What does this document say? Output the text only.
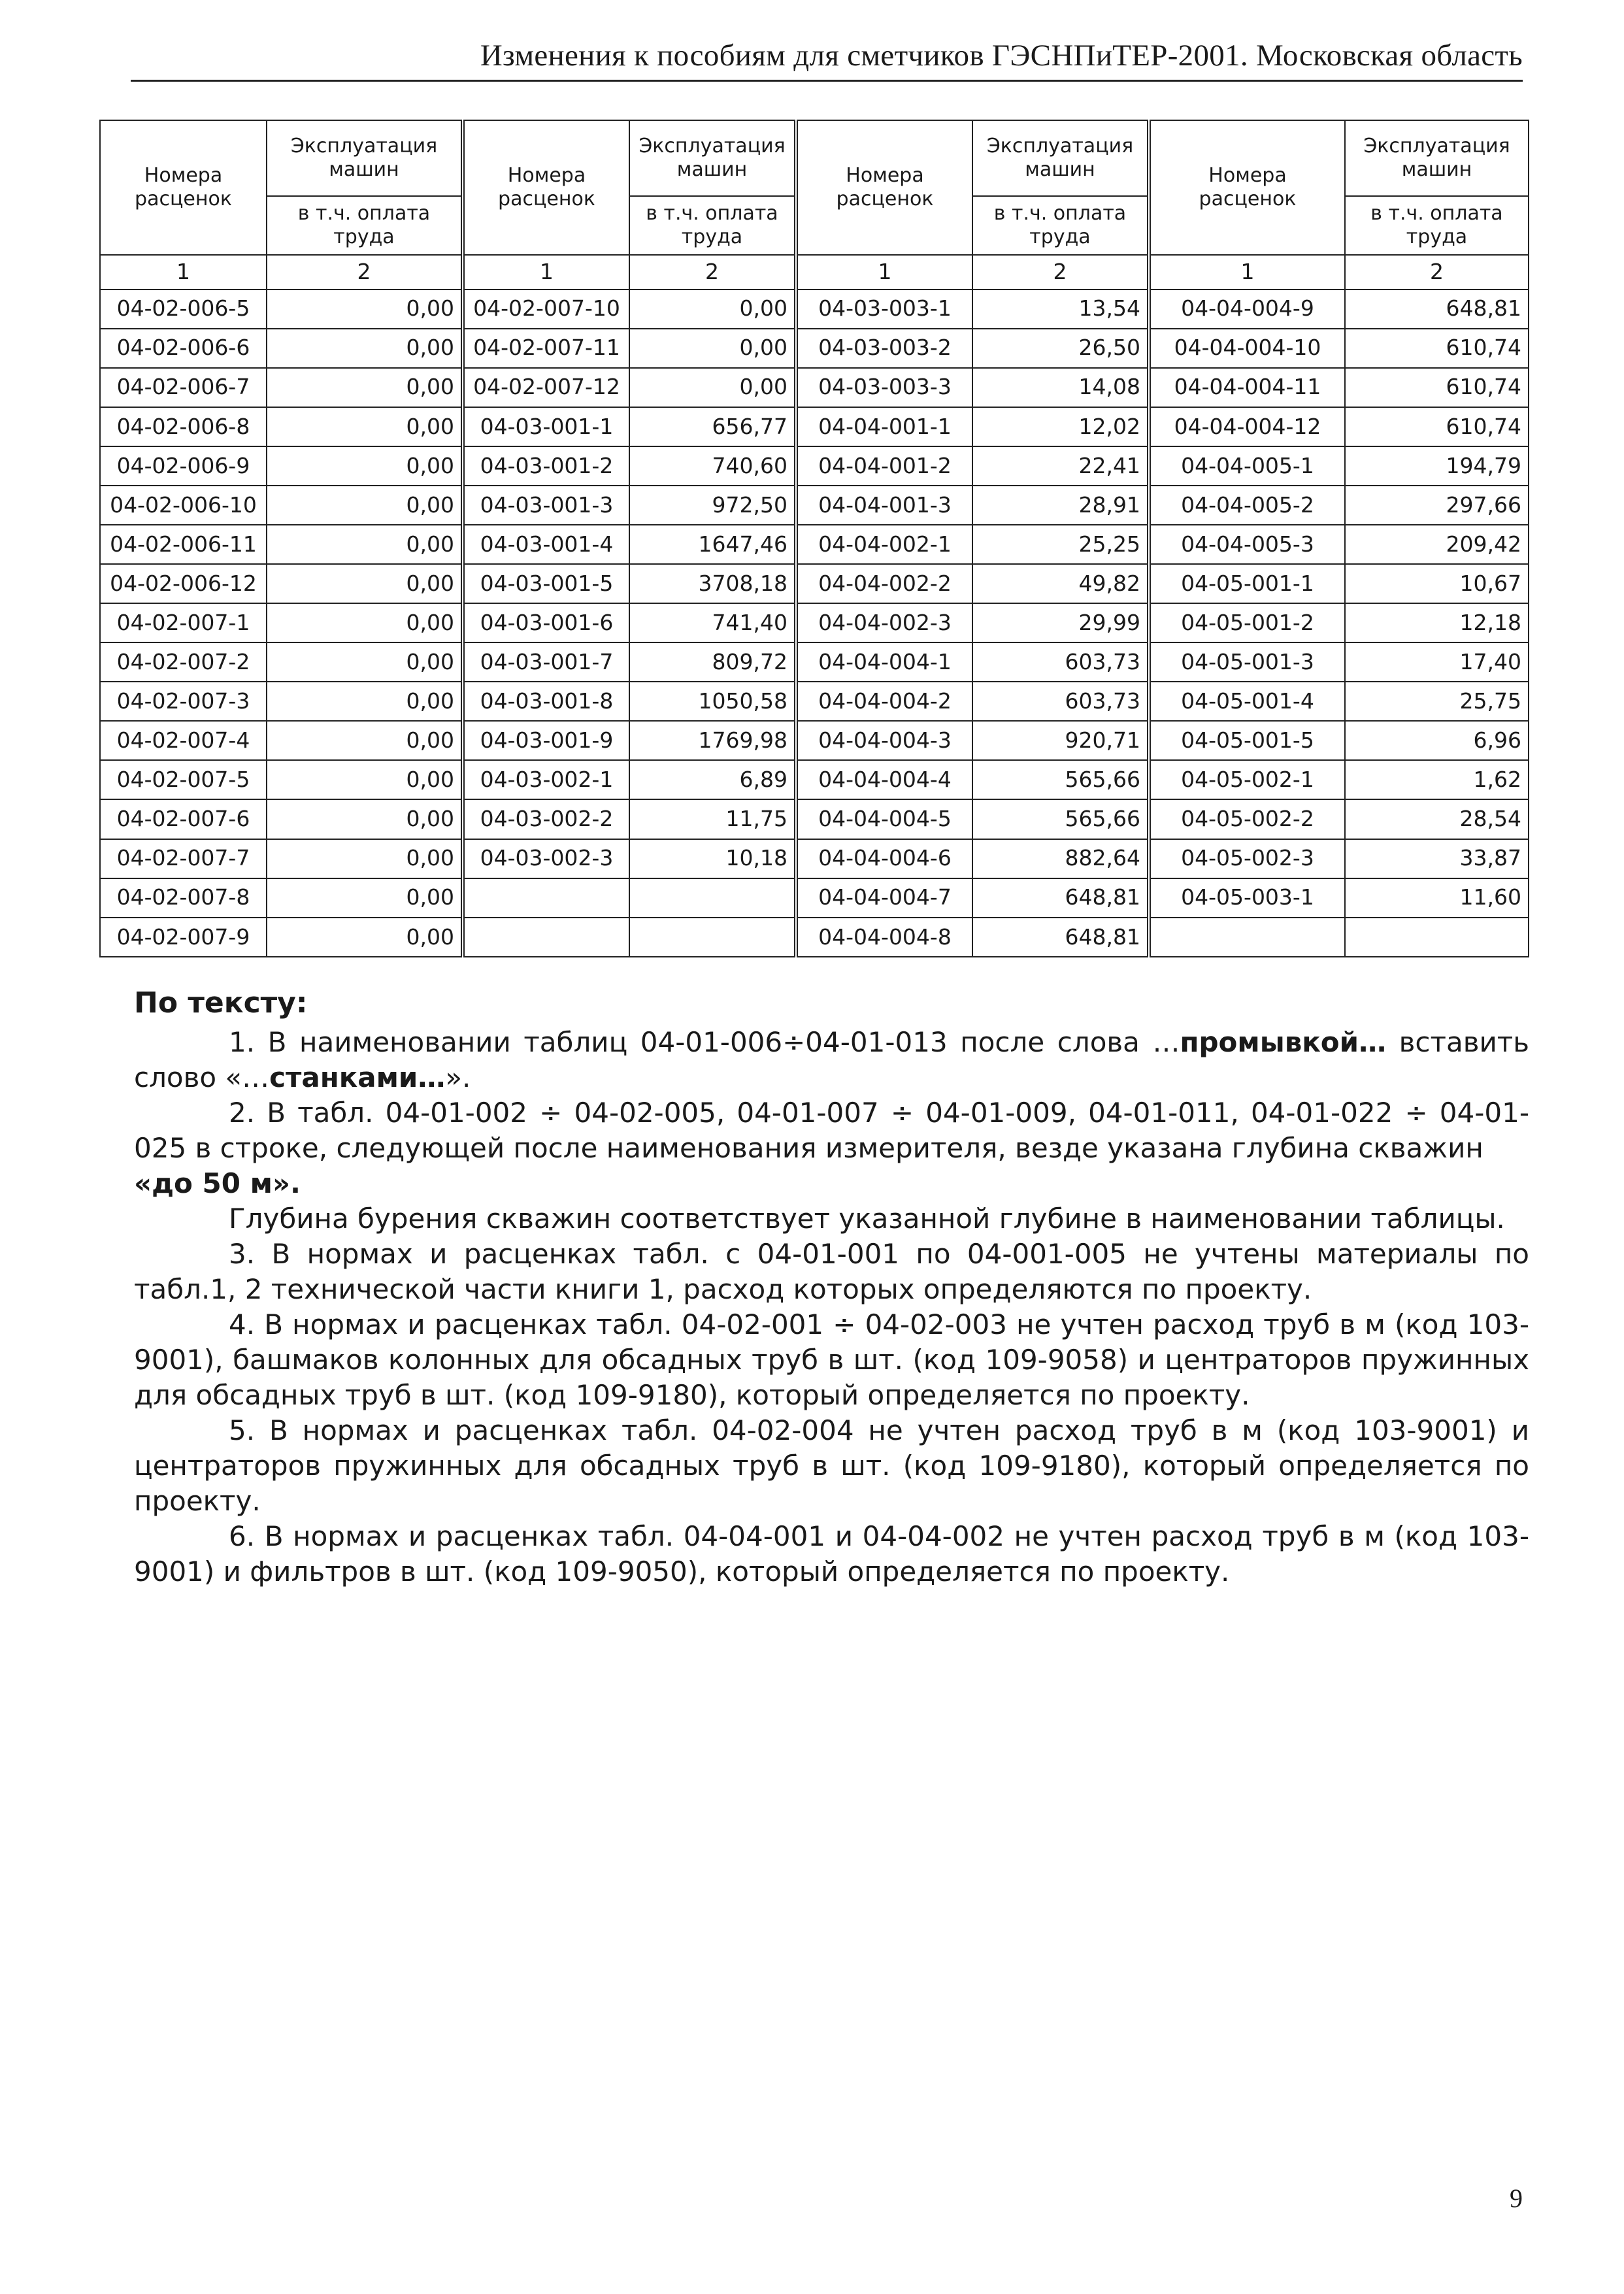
Изменения к пособиям для сметчиков ГЭСНПиТЕР-2001. Московская область
Номера расценок	Эксплуатация машин	Номера расценок	Эксплуатация машин	Номера расценок	Эксплуатация машин	Номера расценок	Эксплуатация машин
	в т.ч. оплата труда		в т.ч. оплата труда		в т.ч. оплата труда		в т.ч. оплата труда
1	2	1	2	1	2	1	2
04-02-006-5	0,00	04-02-007-10	0,00	04-03-003-1	13,54	04-04-004-9	648,81
04-02-006-6	0,00	04-02-007-11	0,00	04-03-003-2	26,50	04-04-004-10	610,74
04-02-006-7	0,00	04-02-007-12	0,00	04-03-003-3	14,08	04-04-004-11	610,74
04-02-006-8	0,00	04-03-001-1	656,77	04-04-001-1	12,02	04-04-004-12	610,74
04-02-006-9	0,00	04-03-001-2	740,60	04-04-001-2	22,41	04-04-005-1	194,79
04-02-006-10	0,00	04-03-001-3	972,50	04-04-001-3	28,91	04-04-005-2	297,66
04-02-006-11	0,00	04-03-001-4	1647,46	04-04-002-1	25,25	04-04-005-3	209,42
04-02-006-12	0,00	04-03-001-5	3708,18	04-04-002-2	49,82	04-05-001-1	10,67
04-02-007-1	0,00	04-03-001-6	741,40	04-04-002-3	29,99	04-05-001-2	12,18
04-02-007-2	0,00	04-03-001-7	809,72	04-04-004-1	603,73	04-05-001-3	17,40
04-02-007-3	0,00	04-03-001-8	1050,58	04-04-004-2	603,73	04-05-001-4	25,75
04-02-007-4	0,00	04-03-001-9	1769,98	04-04-004-3	920,71	04-05-001-5	6,96
04-02-007-5	0,00	04-03-002-1	6,89	04-04-004-4	565,66	04-05-002-1	1,62
04-02-007-6	0,00	04-03-002-2	11,75	04-04-004-5	565,66	04-05-002-2	28,54
04-02-007-7	0,00	04-03-002-3	10,18	04-04-004-6	882,64	04-05-002-3	33,87
04-02-007-8	0,00			04-04-004-7	648,81	04-05-003-1	11,60
04-02-007-9	0,00			04-04-004-8	648,81		
По тексту:

1. В наименовании таблиц 04-01-006÷04-01-013 после слова …промывкой… вставить слово «…станками…».

2. В табл. 04-01-002 ÷ 04-02-005, 04-01-007 ÷ 04-01-009, 04-01-011, 04-01-022 ÷ 04-01-025 в строке, следующей после наименования измерителя, везде указана глубина скважин

«до 50 м».

Глубина бурения скважин соответствует указанной глубине в наименовании таблицы.

3. В нормах и расценках табл. с 04-01-001 по 04-001-005 не учтены материалы по табл.1, 2 технической части книги 1, расход которых определяются по проекту.

4. В нормах и расценках табл. 04-02-001 ÷ 04-02-003 не учтен расход труб в м (код 103-9001), башмаков колонных для обсадных труб в шт. (код 109-9058) и центраторов пружинных для обсадных труб в шт. (код 109-9180), который определяется по проекту.

5. В нормах и расценках табл. 04-02-004 не учтен расход труб в м (код 103-9001) и центраторов пружинных для обсадных труб в шт. (код 109-9180), который определяется по проекту.

6. В нормах и расценках табл. 04-04-001 и 04-04-002 не учтен расход труб в м (код 103-9001) и фильтров в шт. (код 109-9050), который определяется по проекту.

9
